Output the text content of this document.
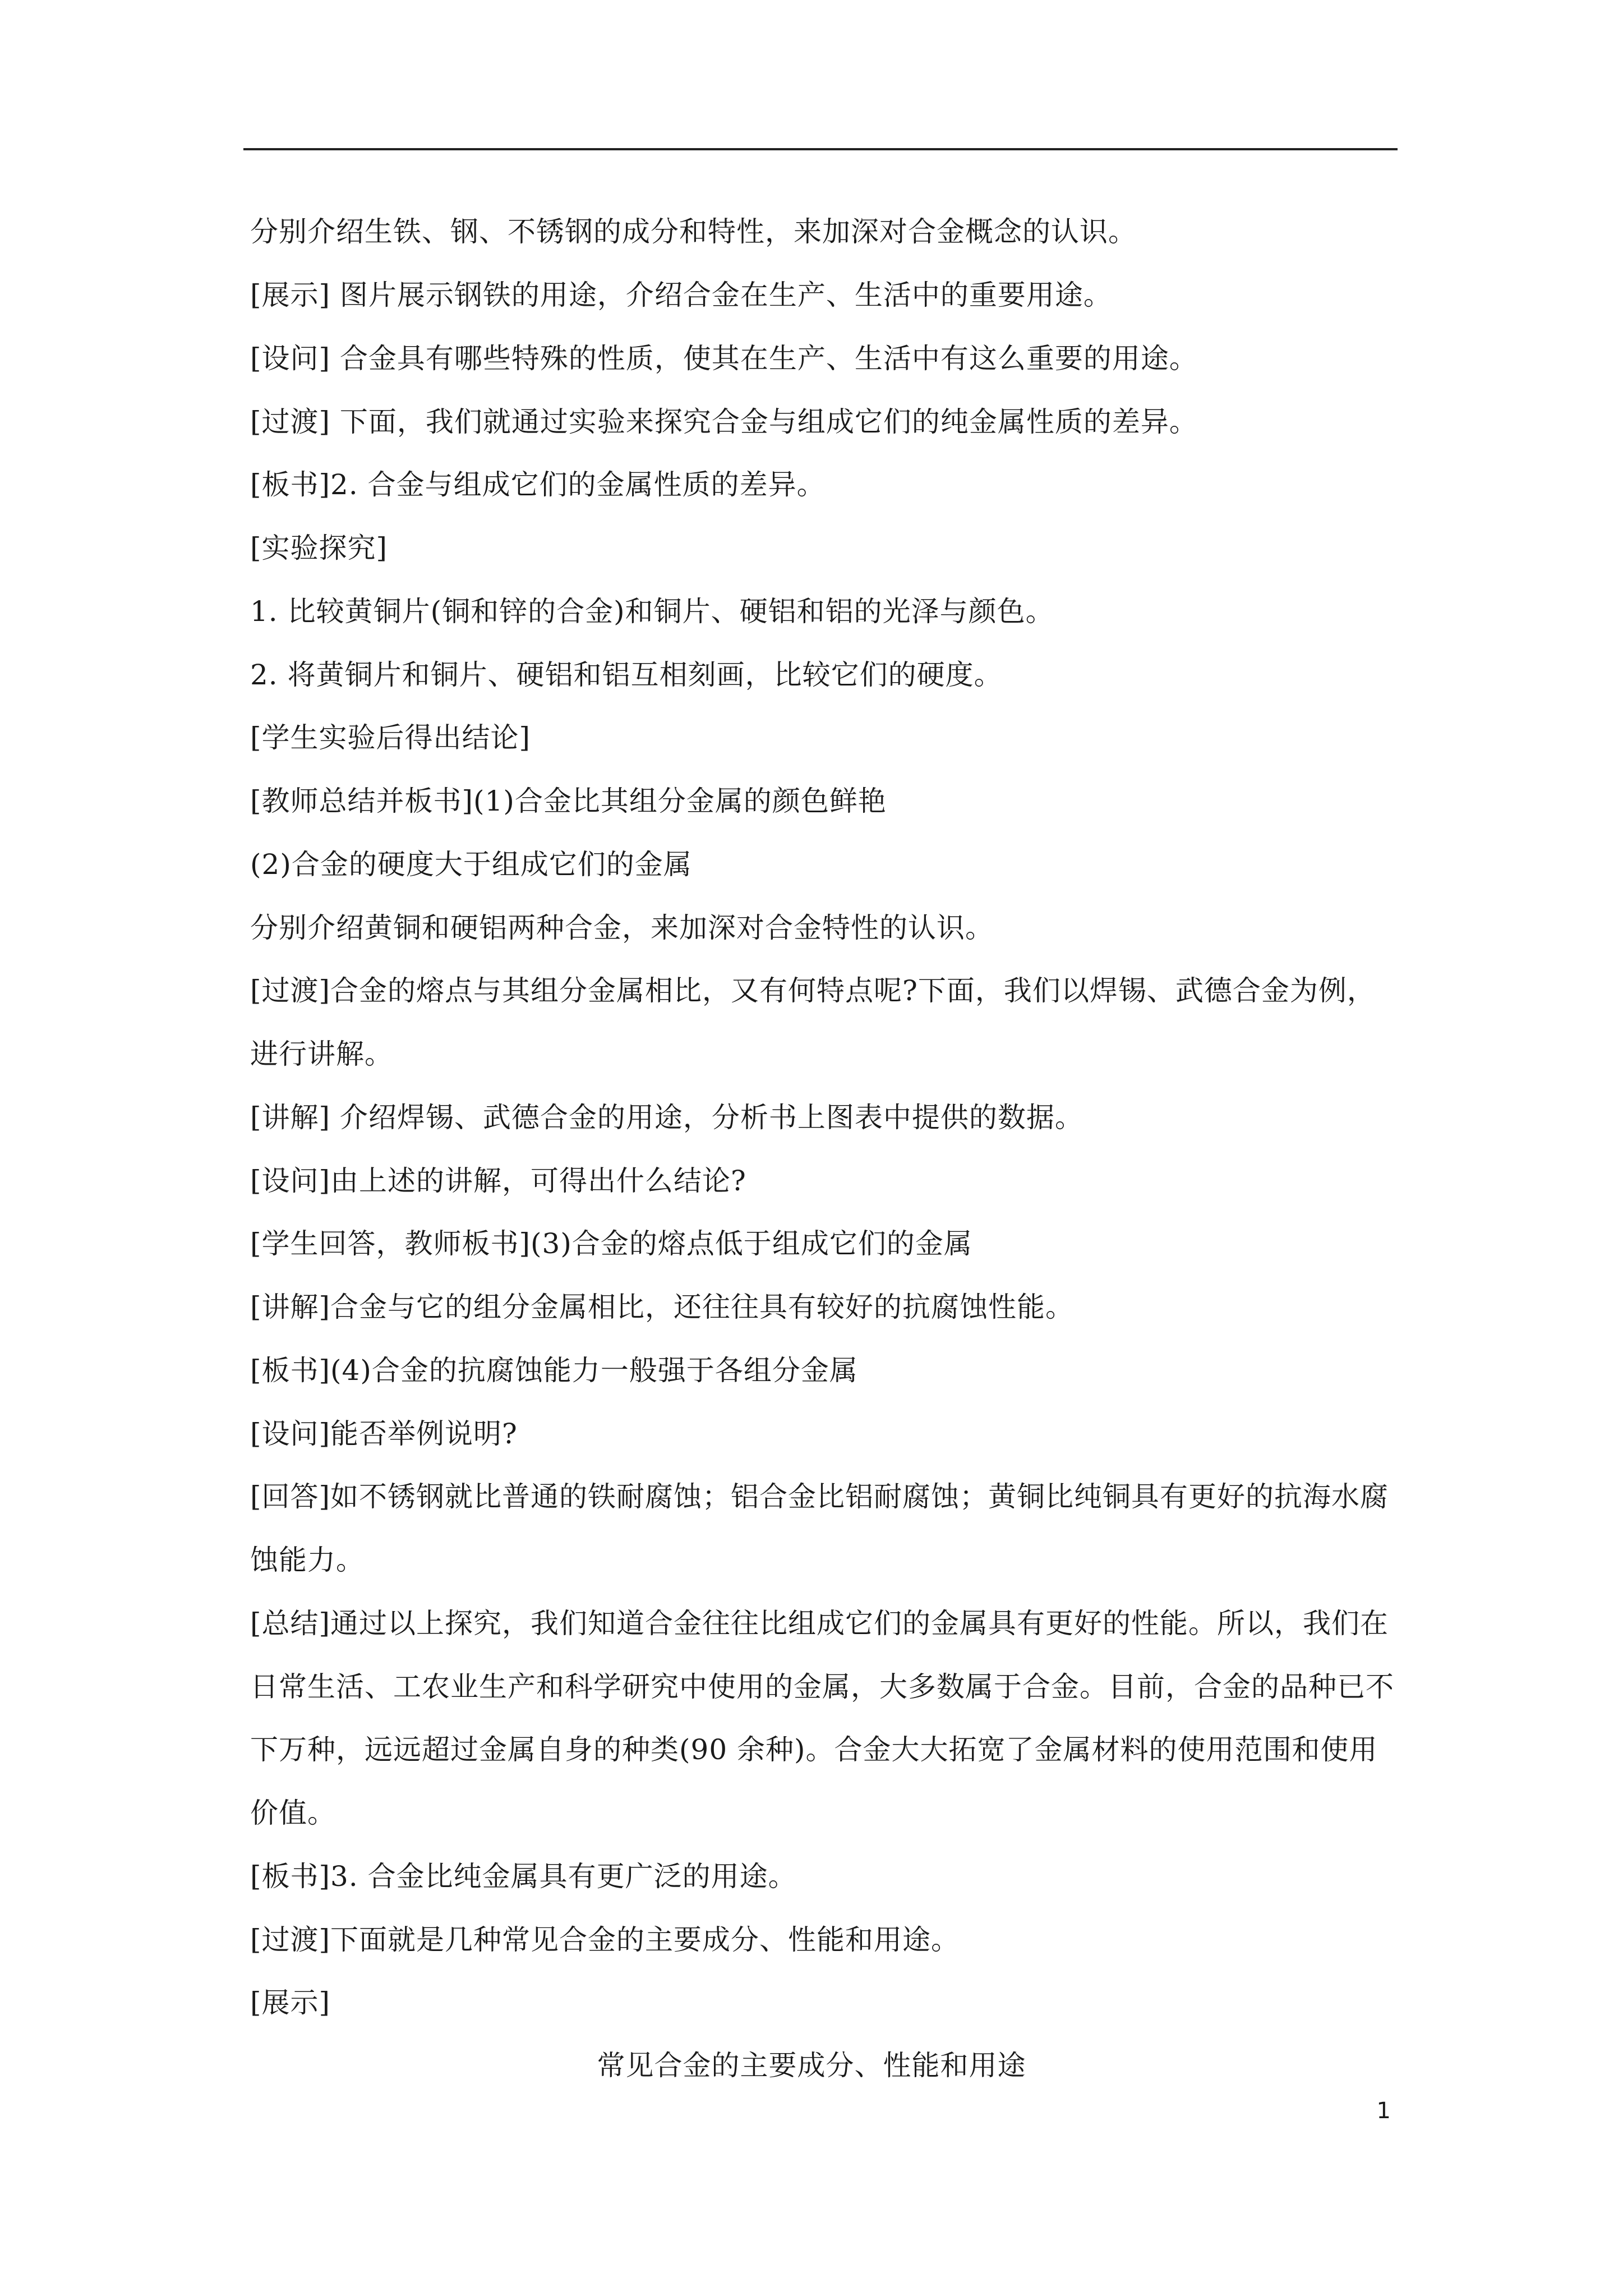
分别介绍生铁、钢、不锈钢的成分和特性，来加深对合金概念的认识。
[展示] 图片展示钢铁的用途，介绍合金在生产、生活中的重要用途。
[设问] 合金具有哪些特殊的性质，使其在生产、生活中有这么重要的用途。
[过渡] 下面，我们就通过实验来探究合金与组成它们的纯金属性质的差异。
[板书]2. 合金与组成它们的金属性质的差异。
[实验探究]
1. 比较黄铜片(铜和锌的合金)和铜片、硬铝和铝的光泽与颜色。
2. 将黄铜片和铜片、硬铝和铝互相刻画，比较它们的硬度。
[学生实验后得出结论]
[教师总结并板书](1)合金比其组分金属的颜色鲜艳
(2)合金的硬度大于组成它们的金属
分别介绍黄铜和硬铝两种合金，来加深对合金特性的认识。
[过渡]合金的熔点与其组分金属相比，又有何特点呢?下面，我们以焊锡、武德合金为例，
进行讲解。
[讲解] 介绍焊锡、武德合金的用途，分析书上图表中提供的数据。
[设问]由上述的讲解，可得出什么结论?
[学生回答，教师板书](3)合金的熔点低于组成它们的金属
[讲解]合金与它的组分金属相比，还往往具有较好的抗腐蚀性能。
[板书](4)合金的抗腐蚀能力一般强于各组分金属
[设问]能否举例说明?
[回答]如不锈钢就比普通的铁耐腐蚀；铝合金比铝耐腐蚀；黄铜比纯铜具有更好的抗海水腐
蚀能力。
[总结]通过以上探究，我们知道合金往往比组成它们的金属具有更好的性能。所以，我们在
日常生活、工农业生产和科学研究中使用的金属，大多数属于合金。目前，合金的品种已不
下万种，远远超过金属自身的种类(90 余种)。合金大大拓宽了金属材料的使用范围和使用
价值。
[板书]3. 合金比纯金属具有更广泛的用途。
[过渡]下面就是几种常见合金的主要成分、性能和用途。
[展示]
常见合金的主要成分、性能和用途
1
